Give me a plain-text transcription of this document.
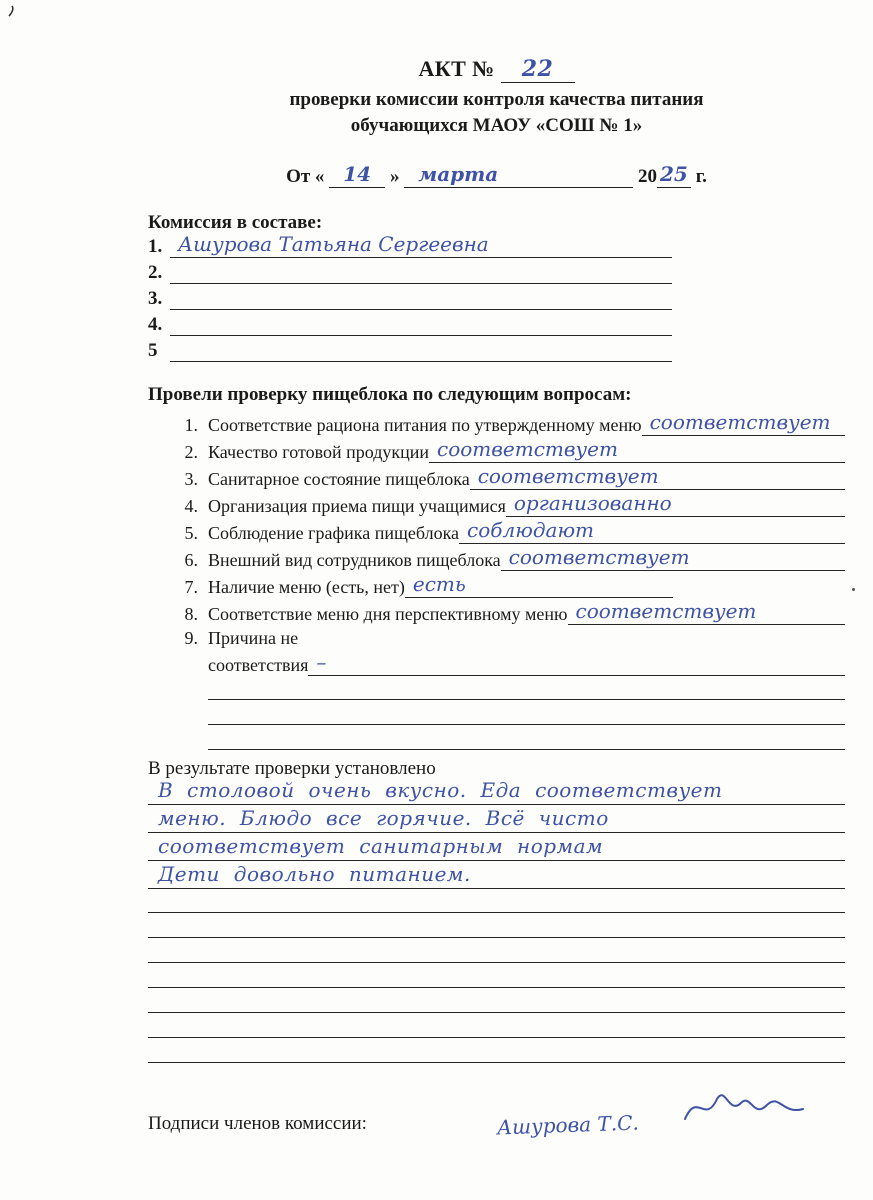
АКТ № 22
проверки комиссии контроля качества питания
обучающихся МАОУ «СОШ № 1»
От « 14 » марта	20 25 г.
Комиссия в составе:
1. Ашурова Татьяна Сергеевна
2.
3.
4.
5
Провели проверку пищеблока по следующим вопросам:
1. Соответствие рациона питания по утвержденному меню соответствует
2. Качество готовой продукции соответствует
3. Санитарное состояние пищеблока соответствует
4. Организация приема пищи учащимися организованно
5. Соблюдение графика пищеблока соблюдают
6. Внешний вид сотрудников пищеблока соответствует
7. Наличие меню (есть, нет) есть
8. Соответствие меню дня перспективному меню соответствует
9. Причина не
соответствия –
В результате проверки установлено
В столовой очень вкусно. Еда соответствует
меню. Блюдо все горячие. Всё чисто
соответствует санитарным нормам
Дети довольно питанием.
Подписи членов комиссии:	Ашурова Т.С.
